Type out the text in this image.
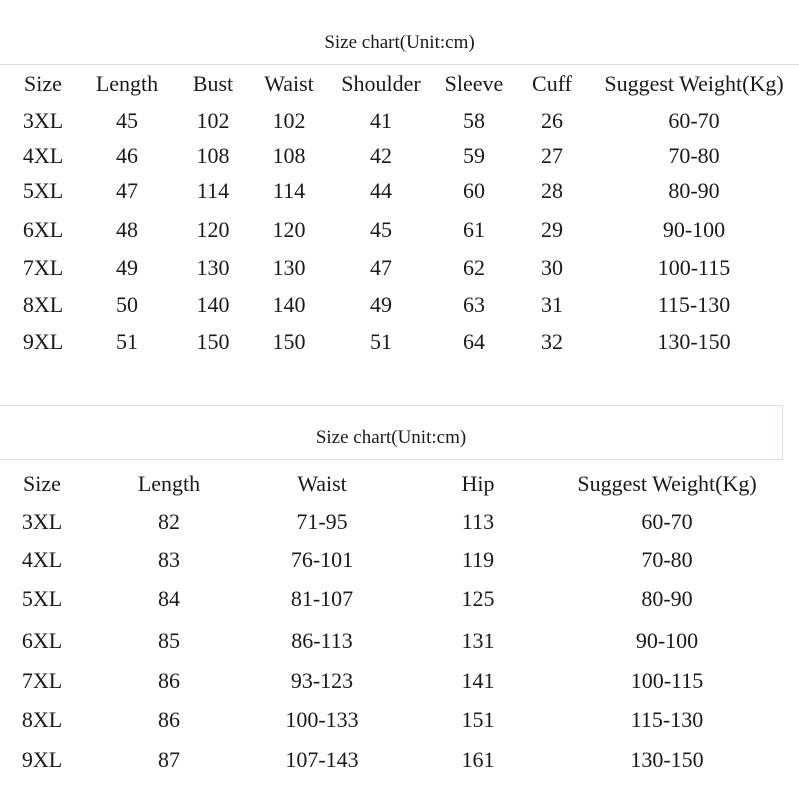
Size chart(Unit:cm)
Size	Length	Bust	Waist	Shoulder	Sleeve	Cuff	Suggest Weight(Kg)
3XL	45	102	102	41	58	26	60-70
4XL	46	108	108	42	59	27	70-80
5XL	47	114	114	44	60	28	80-90
6XL	48	120	120	45	61	29	90-100
7XL	49	130	130	47	62	30	100-115
8XL	50	140	140	49	63	31	115-130
9XL	51	150	150	51	64	32	130-150
Size chart(Unit:cm)
Size	Length	Waist	Hip	Suggest Weight(Kg)
3XL	82	71-95	113	60-70
4XL	83	76-101	119	70-80
5XL	84	81-107	125	80-90
6XL	85	86-113	131	90-100
7XL	86	93-123	141	100-115
8XL	86	100-133	151	115-130
9XL	87	107-143	161	130-150
